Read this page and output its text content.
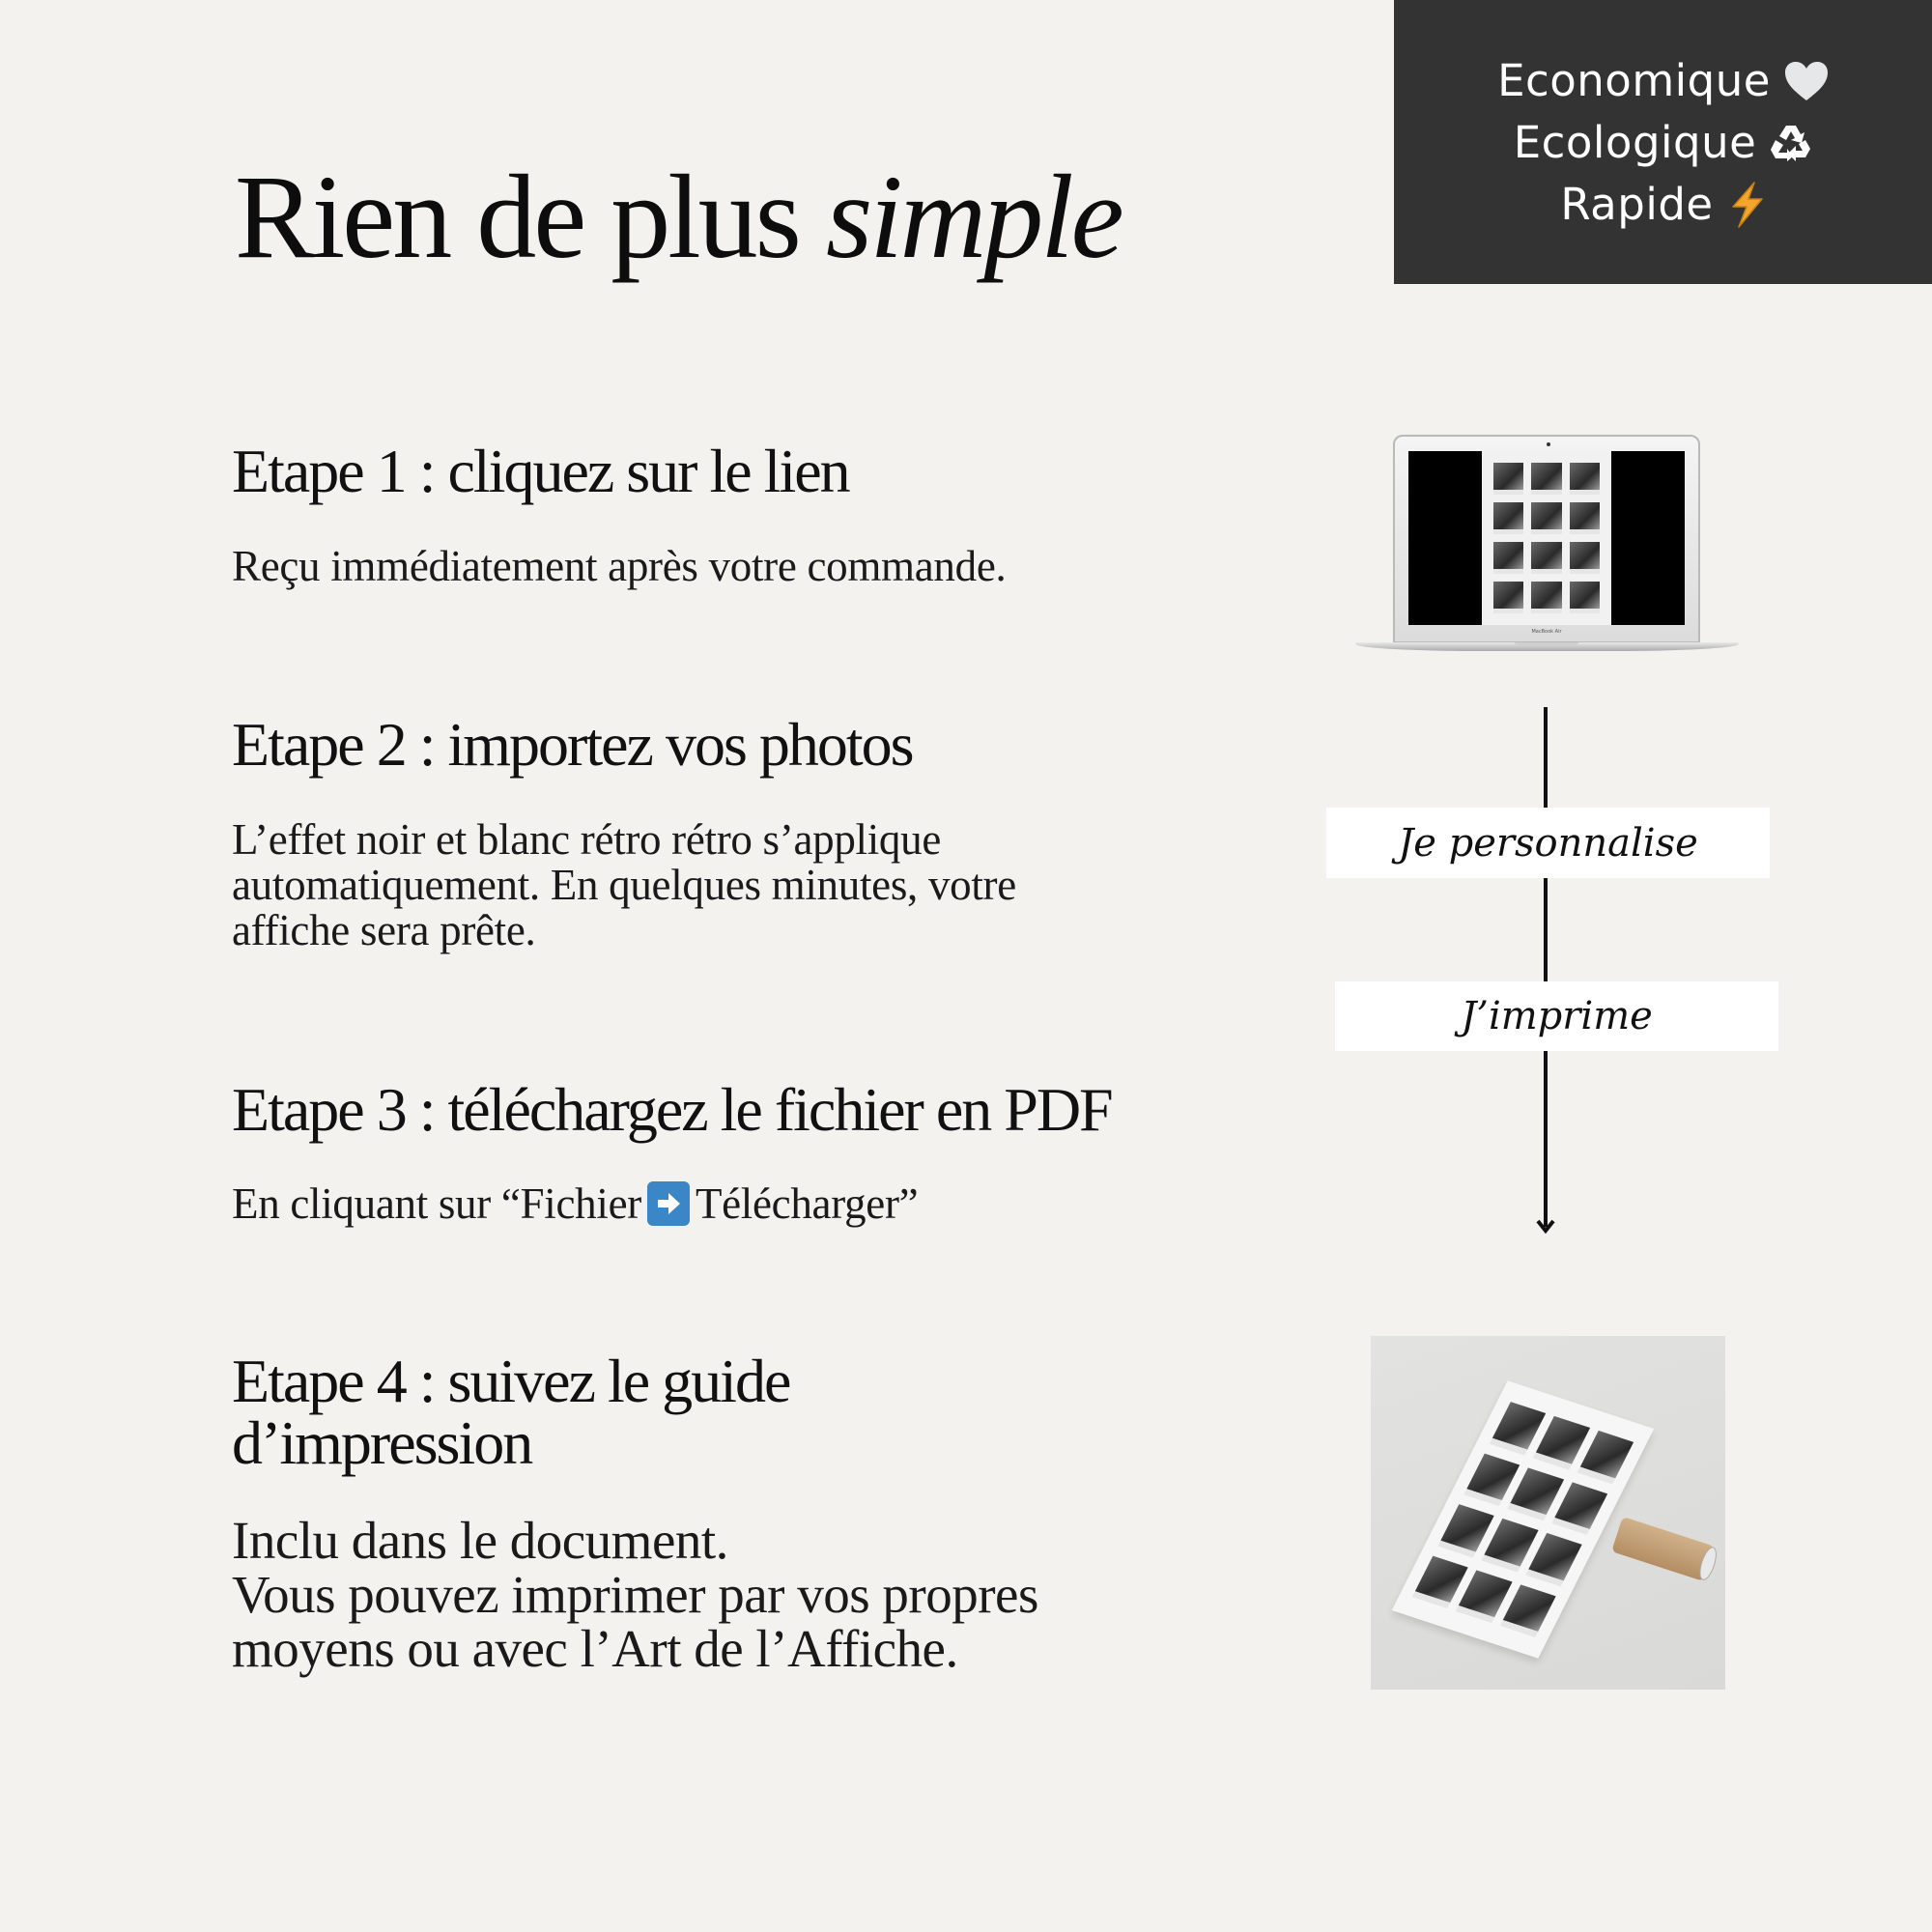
Rien de plus simple
Economique
Ecologique
Rapide
Etape 1 : cliquez sur le lien

Reçu immédiatement après votre commande.

Etape 2 : importez vos photos

L’effet noir et blanc rétro rétro s’applique
automatiquement. En quelques minutes, votre
affiche sera prête.

Etape 3 : téléchargez le fichier en PDF

En cliquant sur “Fichier Télécharger”

Etape 4 : suivez le guide
d’impression

Inclu dans le document.
Vous pouvez imprimer par vos propres
moyens ou avec l’Art de l’Affiche.

MacBook Air
Je personnalise
J’imprime
